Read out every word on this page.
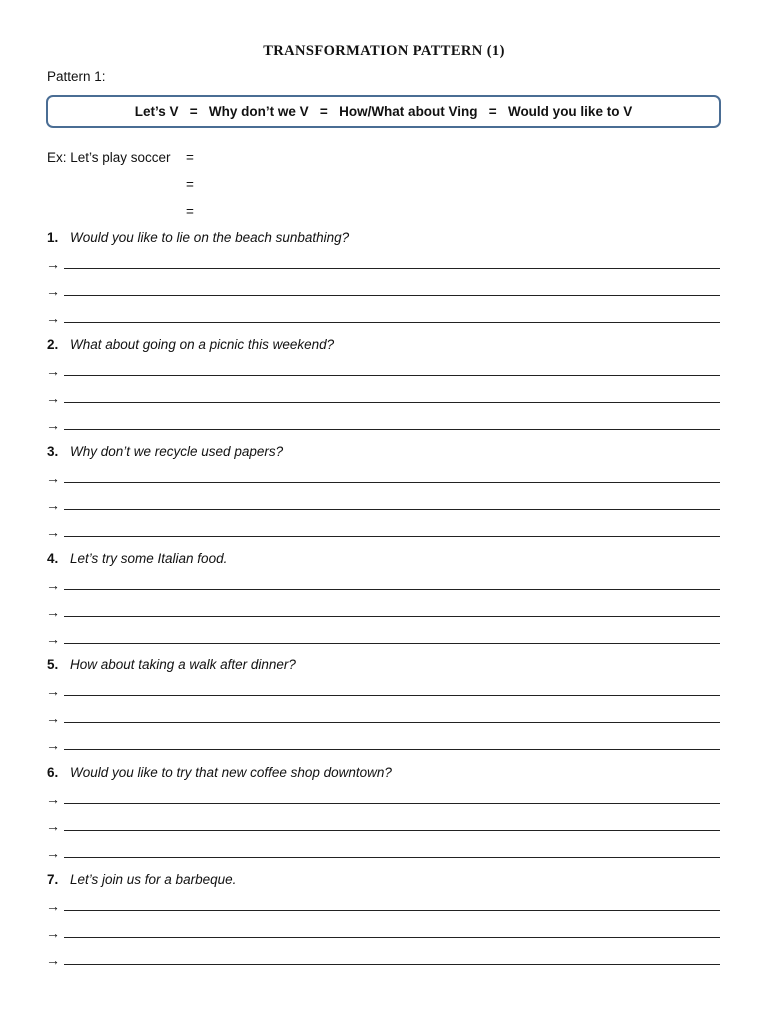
TRANSFORMATION PATTERN (1)
Pattern 1:
Let’s V   =   Why don’t we V   =   How/What about Ving   =   Would you like to V
Ex: Let’s play soccer =
=
=
1. Would you like to lie on the beach sunbathing?
→
→
→
2. What about going on a picnic this weekend?
→
→
→
3. Why don’t we recycle used papers?
→
→
→
4. Let’s try some Italian food.
→
→
→
5. How about taking a walk after dinner?
→
→
→
6. Would you like to try that new coffee shop downtown?
→
→
→
7. Let’s join us for a barbeque.
→
→
→
